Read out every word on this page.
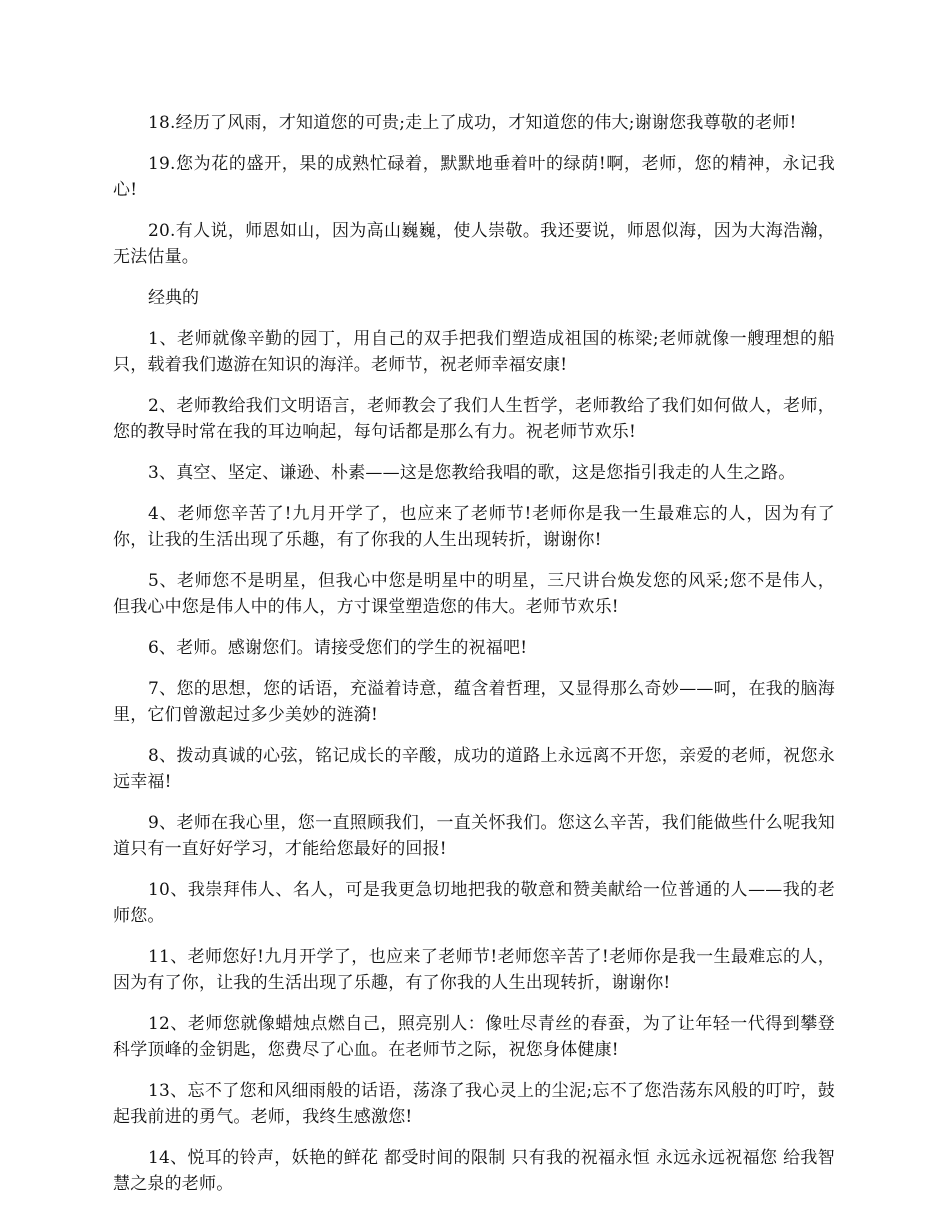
18.经历了风雨，才知道您的可贵;走上了成功，才知道您的伟大;谢谢您我尊敬的老师!

19.您为花的盛开，果的成熟忙碌着，默默地垂着叶的绿荫!啊，老师，您的精神，永记我心!

20.有人说，师恩如山，因为高山巍巍，使人崇敬。我还要说，师恩似海，因为大海浩瀚，无法估量。

经典的

1、老师就像辛勤的园丁，用自己的双手把我们塑造成祖国的栋梁;老师就像一艘理想的船只，载着我们遨游在知识的海洋。老师节，祝老师幸福安康!

2、老师教给我们文明语言，老师教会了我们人生哲学，老师教给了我们如何做人，老师，您的教导时常在我的耳边响起，每句话都是那么有力。祝老师节欢乐!

3、真空、坚定、谦逊、朴素——这是您教给我唱的歌，这是您指引我走的人生之路。

4、老师您辛苦了!九月开学了，也应来了老师节!老师你是我一生最难忘的人，因为有了你，让我的生活出现了乐趣，有了你我的人生出现转折，谢谢你!

5、老师您不是明星，但我心中您是明星中的明星，三尺讲台焕发您的风采;您不是伟人，但我心中您是伟人中的伟人，方寸课堂塑造您的伟大。老师节欢乐!

6、老师。感谢您们。请接受您们的学生的祝福吧!

7、您的思想，您的话语，充溢着诗意，蕴含着哲理，又显得那么奇妙——呵，在我的脑海里，它们曾激起过多少美妙的涟漪!

8、拨动真诚的心弦，铭记成长的辛酸，成功的道路上永远离不开您，亲爱的老师，祝您永远幸福!

9、老师在我心里，您一直照顾我们，一直关怀我们。您这么辛苦，我们能做些什么呢我知道只有一直好好学习，才能给您最好的回报!

10、我崇拜伟人、名人，可是我更急切地把我的敬意和赞美献给一位普通的人——我的老师您。

11、老师您好!九月开学了，也应来了老师节!老师您辛苦了!老师你是我一生最难忘的人，因为有了你，让我的生活出现了乐趣，有了你我的人生出现转折，谢谢你!

12、老师您就像蜡烛点燃自己，照亮别人：像吐尽青丝的春蚕，为了让年轻一代得到攀登科学顶峰的金钥匙，您费尽了心血。在老师节之际，祝您身体健康!

13、忘不了您和风细雨般的话语，荡涤了我心灵上的尘泥;忘不了您浩荡东风般的叮咛，鼓起我前进的勇气。老师，我终生感激您!

14、悦耳的铃声，妖艳的鲜花 都受时间的限制 只有我的祝福永恒 永远永远祝福您 给我智慧之泉的老师。
